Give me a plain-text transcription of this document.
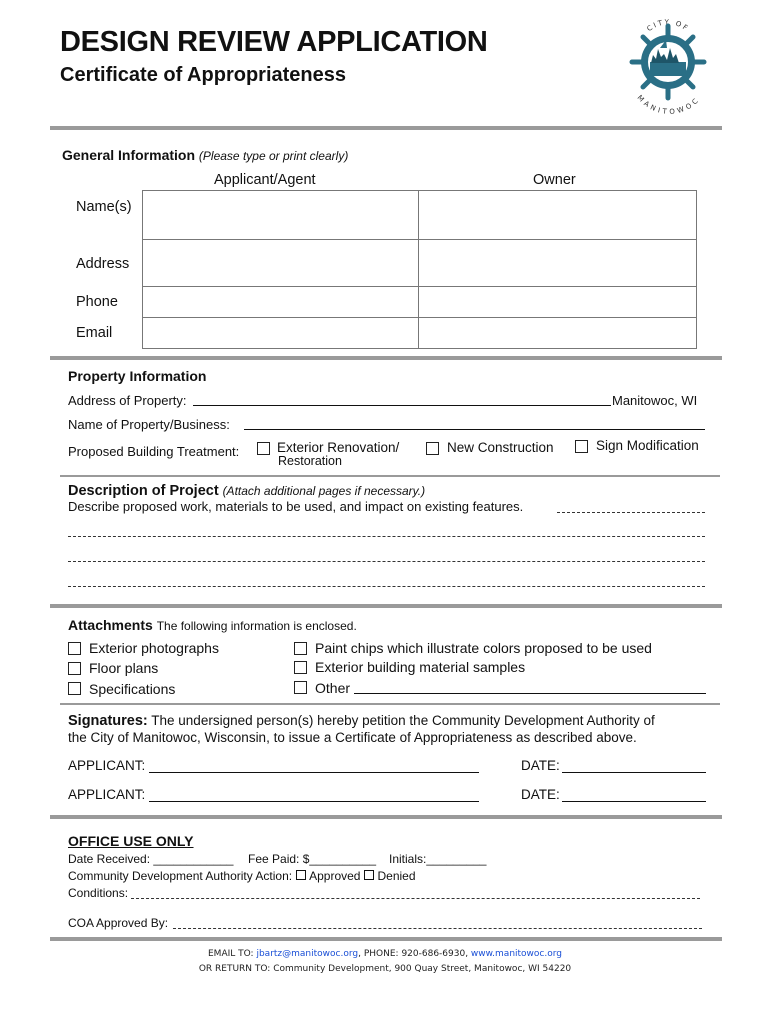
DESIGN REVIEW APPLICATION
Certificate of Appropriateness
CITY OF
MANITOWOC
General Information (Please type or print clearly)
Applicant/Agent	Owner
Name(s)
Address
Phone
Email
Property Information
Address of Property:	Manitowoc, WI
Name of Property/Business:
Proposed Building Treatment:	Exterior Renovation/
Restoration
New Construction	Sign Modification
Description of Project (Attach additional pages if necessary.)
Describe proposed work, materials to be used, and impact on existing features.
Attachments The following information is enclosed.
Exterior photographs
Floor plans
Specifications
Paint chips which illustrate colors proposed to be used
Exterior building material samples
Other
Signatures: The undersigned person(s) hereby petition the Community Development Authority of
the City of Manitowoc, Wisconsin, to issue a Certificate of Appropriateness as described above.
APPLICANT:	DATE:
APPLICANT:	DATE:
OFFICE USE ONLY
Date Received: ____________ Fee Paid: $__________ Initials:_________
Community Development Authority Action: Approved Denied
Conditions:
COA Approved By:
EMAIL TO: jbartz@manitowoc.org, PHONE: 920-686-6930, www.manitowoc.org
OR RETURN TO: Community Development, 900 Quay Street, Manitowoc, WI 54220
